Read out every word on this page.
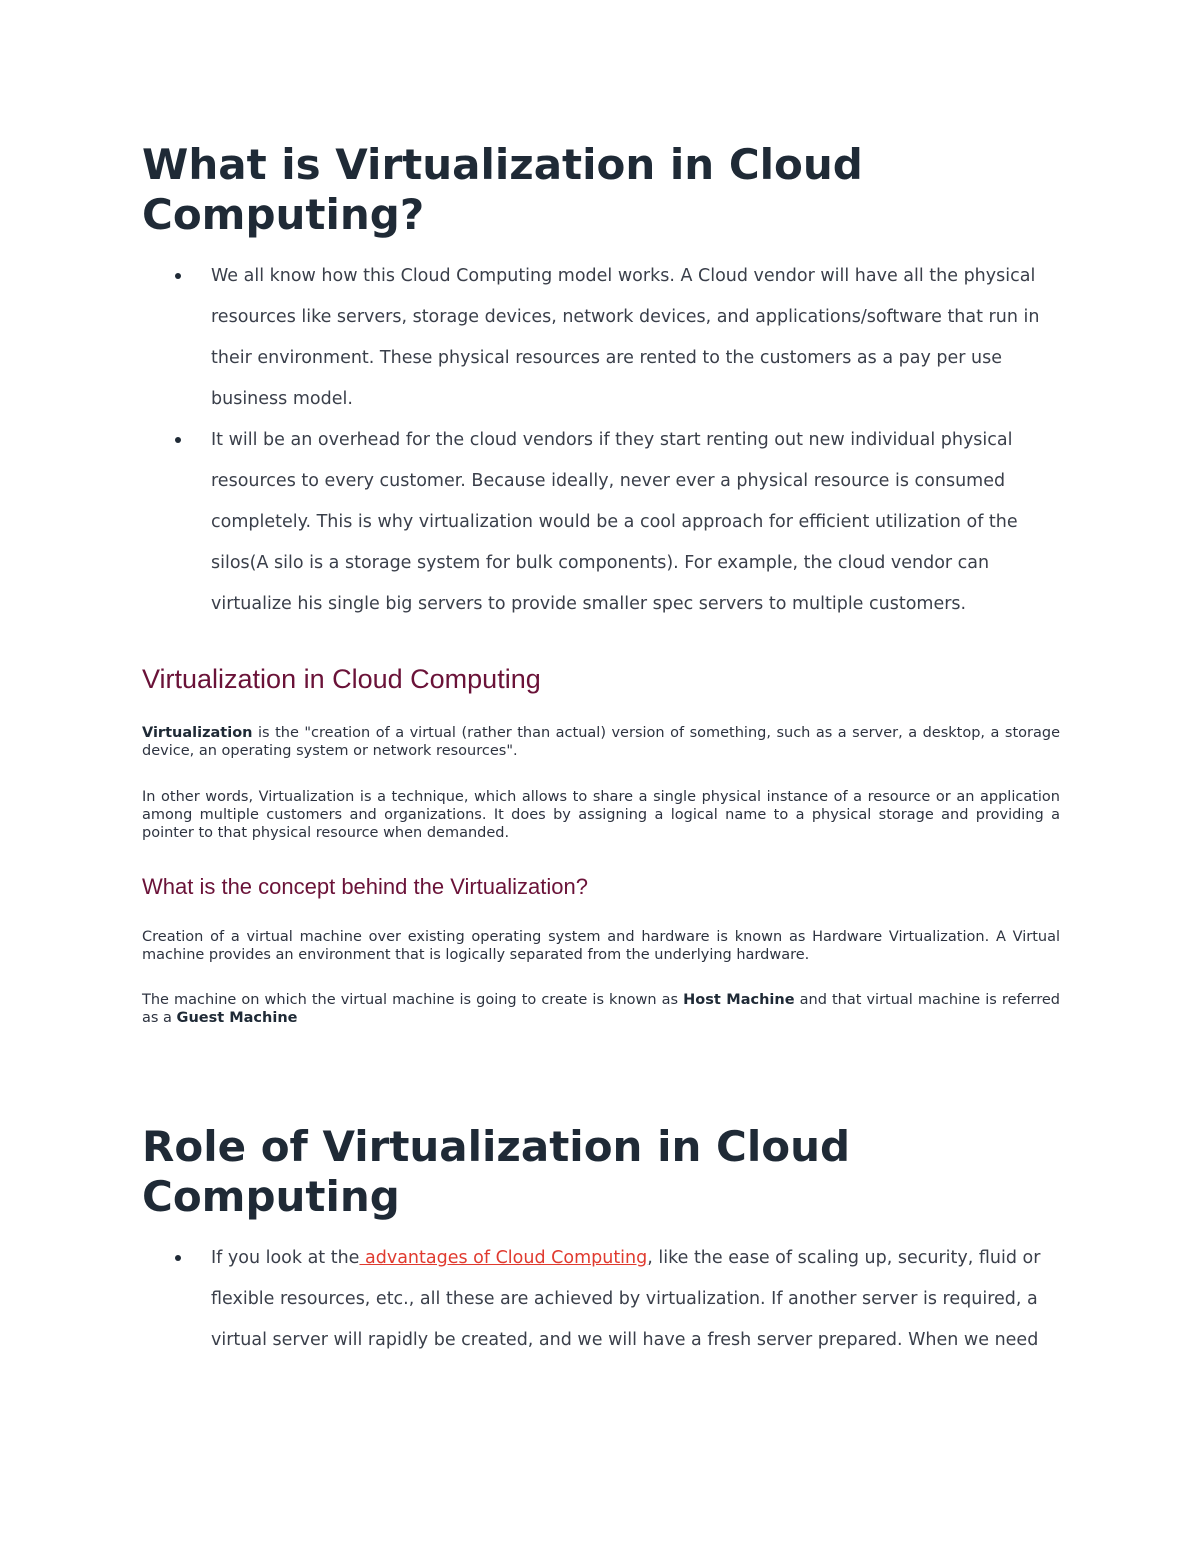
What is Virtualization in Cloud
Computing?
We all know how this Cloud Computing model works. A Cloud vendor will have all the physical
resources like servers, storage devices, network devices, and applications/software that run in
their environment. These physical resources are rented to the customers as a pay per use
business model.
It will be an overhead for the cloud vendors if they start renting out new individual physical
resources to every customer. Because ideally, never ever a physical resource is consumed
completely. This is why virtualization would be a cool approach for efficient utilization of the
silos(A silo is a storage system for bulk components). For example, the cloud vendor can
virtualize his single big servers to provide smaller spec servers to multiple customers.
Virtualization in Cloud Computing

Virtualization is the "creation of a virtual (rather than actual) version of something, such as a server, a desktop, a storage device, an operating system or network resources".

In other words, Virtualization is a technique, which allows to share a single physical instance of a resource or an application among multiple customers and organizations. It does by assigning a logical name to a physical storage and providing a pointer to that physical resource when demanded.

What is the concept behind the Virtualization?

Creation of a virtual machine over existing operating system and hardware is known as Hardware Virtualization. A Virtual machine provides an environment that is logically separated from the underlying hardware.

The machine on which the virtual machine is going to create is known as Host Machine and that virtual machine is referred as a Guest Machine

Role of Virtualization in Cloud
Computing
If you look at the advantages of Cloud Computing, like the ease of scaling up, security, fluid or
flexible resources, etc., all these are achieved by virtualization. If another server is required, a
virtual server will rapidly be created, and we will have a fresh server prepared. When we need
